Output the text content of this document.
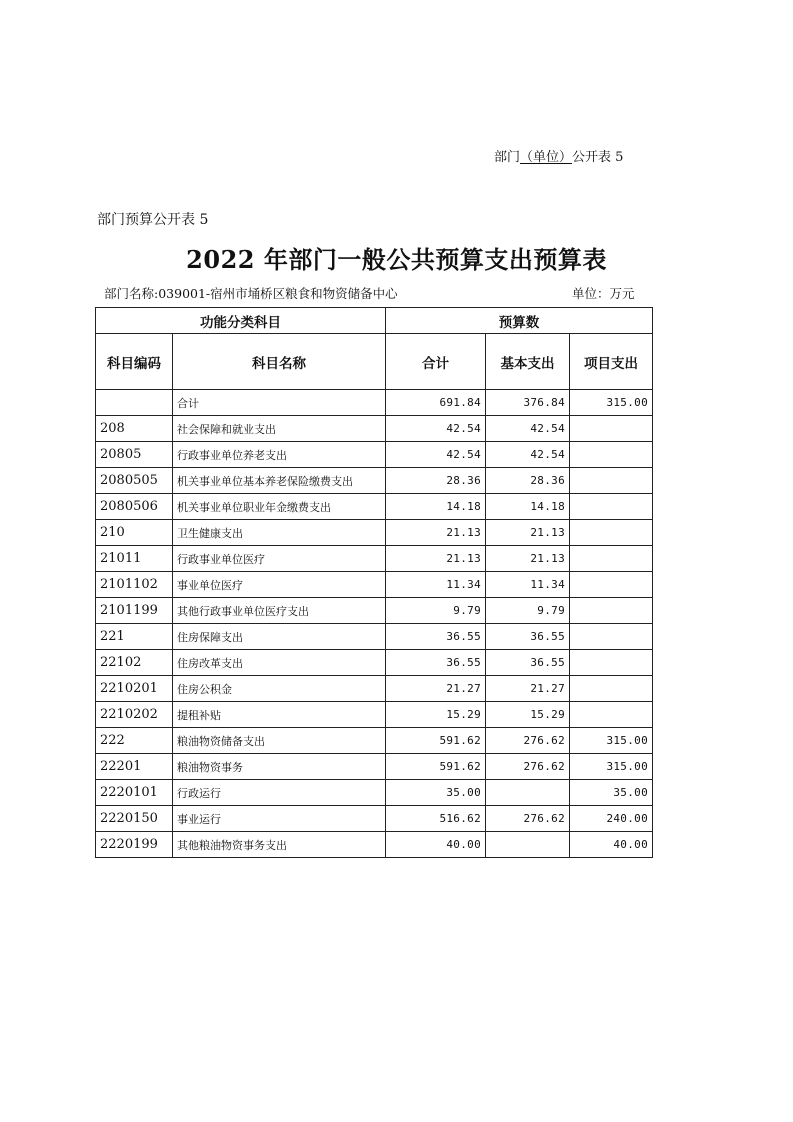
部门（单位）公开表 5
部门预算公开表 5
2022 年部门一般公共预算支出预算表
部门名称:039001-宿州市埇桥区粮食和物资储备中心	单位：万元
功能分类科目		预算数		
科目编码	科目名称	合计	基本支出	项目支出
	合计	691.84	376.84	315.00
208	社会保障和就业支出	42.54	42.54	
20805	行政事业单位养老支出	42.54	42.54	
2080505	机关事业单位基本养老保险缴费支出	28.36	28.36	
2080506	机关事业单位职业年金缴费支出	14.18	14.18	
210	卫生健康支出	21.13	21.13	
21011	行政事业单位医疗	21.13	21.13	
2101102	事业单位医疗	11.34	11.34	
2101199	其他行政事业单位医疗支出	9.79	9.79	
221	住房保障支出	36.55	36.55	
22102	住房改革支出	36.55	36.55	
2210201	住房公积金	21.27	21.27	
2210202	提租补贴	15.29	15.29	
222	粮油物资储备支出	591.62	276.62	315.00
22201	粮油物资事务	591.62	276.62	315.00
2220101	行政运行	35.00		35.00
2220150	事业运行	516.62	276.62	240.00
2220199	其他粮油物资事务支出	40.00		40.00
